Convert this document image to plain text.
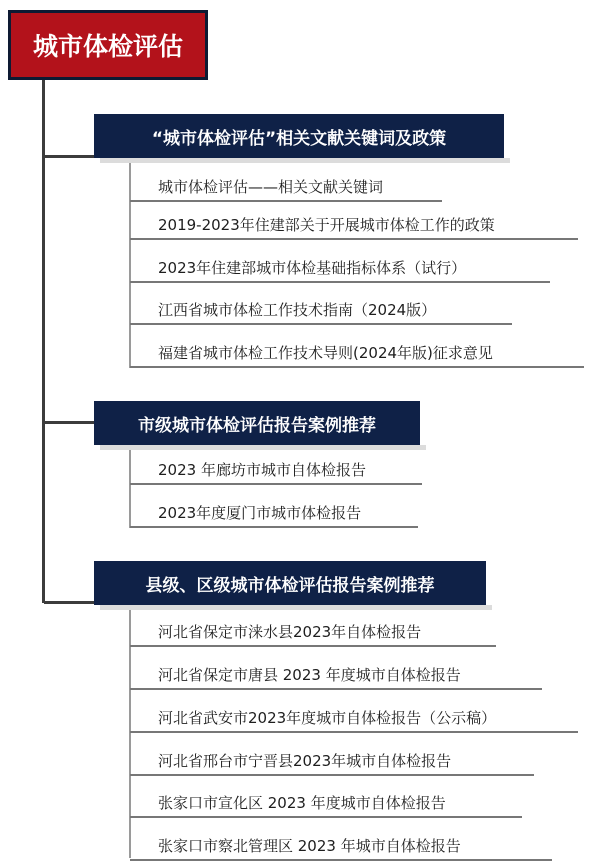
城市体检评估
“城市体检评估”相关文献关键词及政策
城市体检评估——相关文献关键词
2019-2023年住建部关于开展城市体检工作的政策
2023年住建部城市体检基础指标体系（试行）
江西省城市体检工作技术指南（2024版）
福建省城市体检工作技术导则(2024年版)征求意见
市级城市体检评估报告案例推荐
2023 年廊坊市城市自体检报告
2023年度厦门市城市体检报告
县级、区级城市体检评估报告案例推荐
河北省保定市涞水县2023年自体检报告
河北省保定市唐县 2023 年度城市自体检报告
河北省武安市2023年度城市自体检报告（公示稿）
河北省邢台市宁晋县2023年城市自体检报告
张家口市宣化区 2023 年度城市自体检报告
张家口市察北管理区 2023 年城市自体检报告
